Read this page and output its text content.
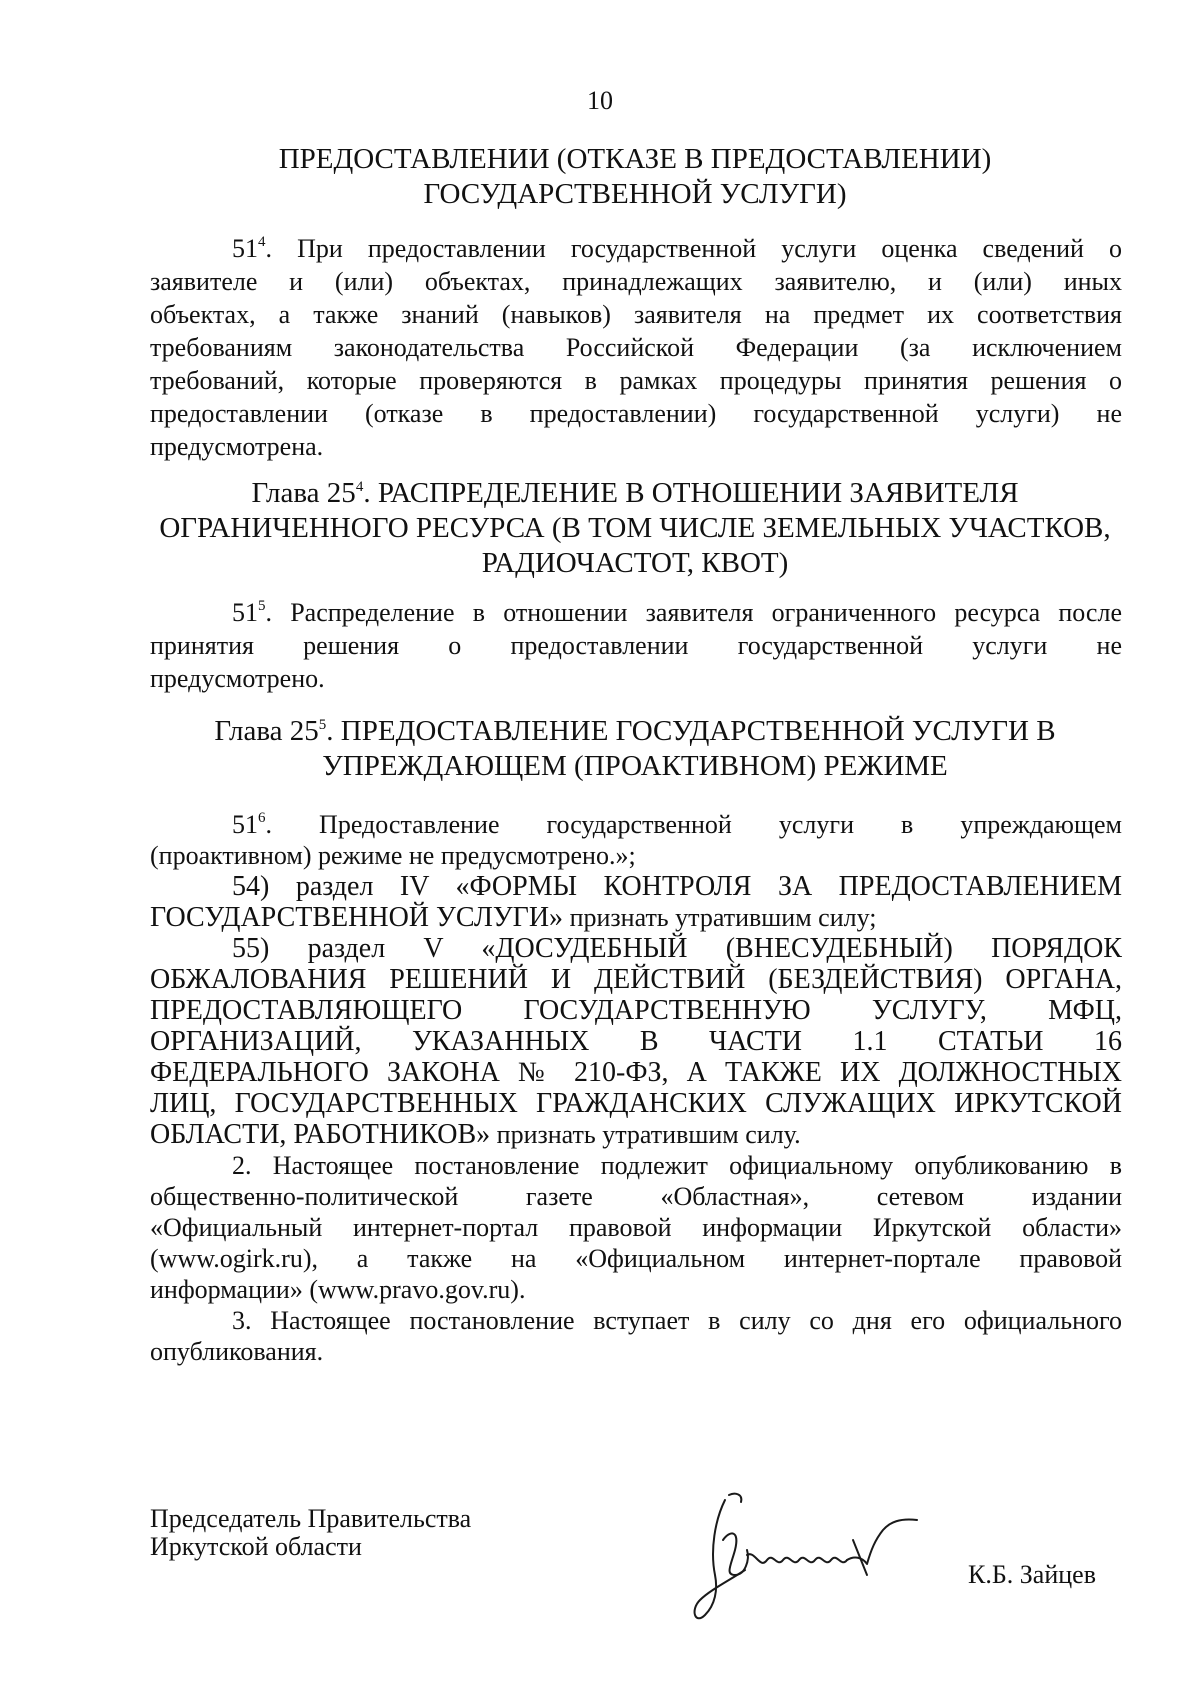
10
ПРЕДОСТАВЛЕНИИ (ОТКАЗЕ В ПРЕДОСТАВЛЕНИИ)
ГОСУДАРСТВЕННОЙ УСЛУГИ)
$51^4$. При предоставлении государственной услуги оценка сведений о
заявителе и (или) объектах, принадлежащих заявителю, и (или) иных
объектах, а также знаний (навыков) заявителя на предмет их соответствия
требованиям законодательства Российской Федерации (за исключением
требований, которые проверяются в рамках процедуры принятия решения о
предоставлении (отказе в предоставлении) государственной услуги) не
предусмотрена.
Глава $25^4$. РАСПРЕДЕЛЕНИЕ В ОТНОШЕНИИ ЗАЯВИТЕЛЯ
ОГРАНИЧЕННОГО РЕСУРСА (В ТОМ ЧИСЛЕ ЗЕМЕЛЬНЫХ УЧАСТКОВ,
РАДИОЧАСТОТ, КВОТ)
$51^5$. Распределение в отношении заявителя ограниченного ресурса после
принятия решения о предоставлении государственной услуги не
предусмотрено.
Глава $25^5$. ПРЕДОСТАВЛЕНИЕ ГОСУДАРСТВЕННОЙ УСЛУГИ В
УПРЕЖДАЮЩЕМ (ПРОАКТИВНОМ) РЕЖИМЕ
$51^6$. Предоставление государственной услуги в упреждающем
(проактивном) режиме не предусмотрено.»;
54) раздел IV «ФОРМЫ КОНТРОЛЯ ЗА ПРЕДОСТАВЛЕНИЕМ
ГОСУДАРСТВЕННОЙ УСЛУГИ» признать утратившим силу;
55) раздел V «ДОСУДЕБНЫЙ (ВНЕСУДЕБНЫЙ) ПОРЯДОК
ОБЖАЛОВАНИЯ РЕШЕНИЙ И ДЕЙСТВИЙ (БЕЗДЕЙСТВИЯ) ОРГАНА,
ПРЕДОСТАВЛЯЮЩЕГО ГОСУДАРСТВЕННУЮ УСЛУГУ, МФЦ,
ОРГАНИЗАЦИЙ, УКАЗАННЫХ В ЧАСТИ 1.1 СТАТЬИ 16
ФЕДЕРАЛЬНОГО ЗАКОНА № 210-ФЗ, А ТАКЖЕ ИХ ДОЛЖНОСТНЫХ
ЛИЦ, ГОСУДАРСТВЕННЫХ ГРАЖДАНСКИХ СЛУЖАЩИХ ИРКУТСКОЙ
ОБЛАСТИ, РАБОТНИКОВ» признать утратившим силу.
2. Настоящее постановление подлежит официальному опубликованию в
общественно-политической газете «Областная», сетевом издании
«Официальный интернет-портал правовой информации Иркутской области»
(www.ogirk.ru), а также на «Официальном интернет-портале правовой
информации» (www.pravo.gov.ru).
3. Настоящее постановление вступает в силу со дня его официального
опубликования.
Председатель Правительства
Иркутской области
К.Б. Зайцев
